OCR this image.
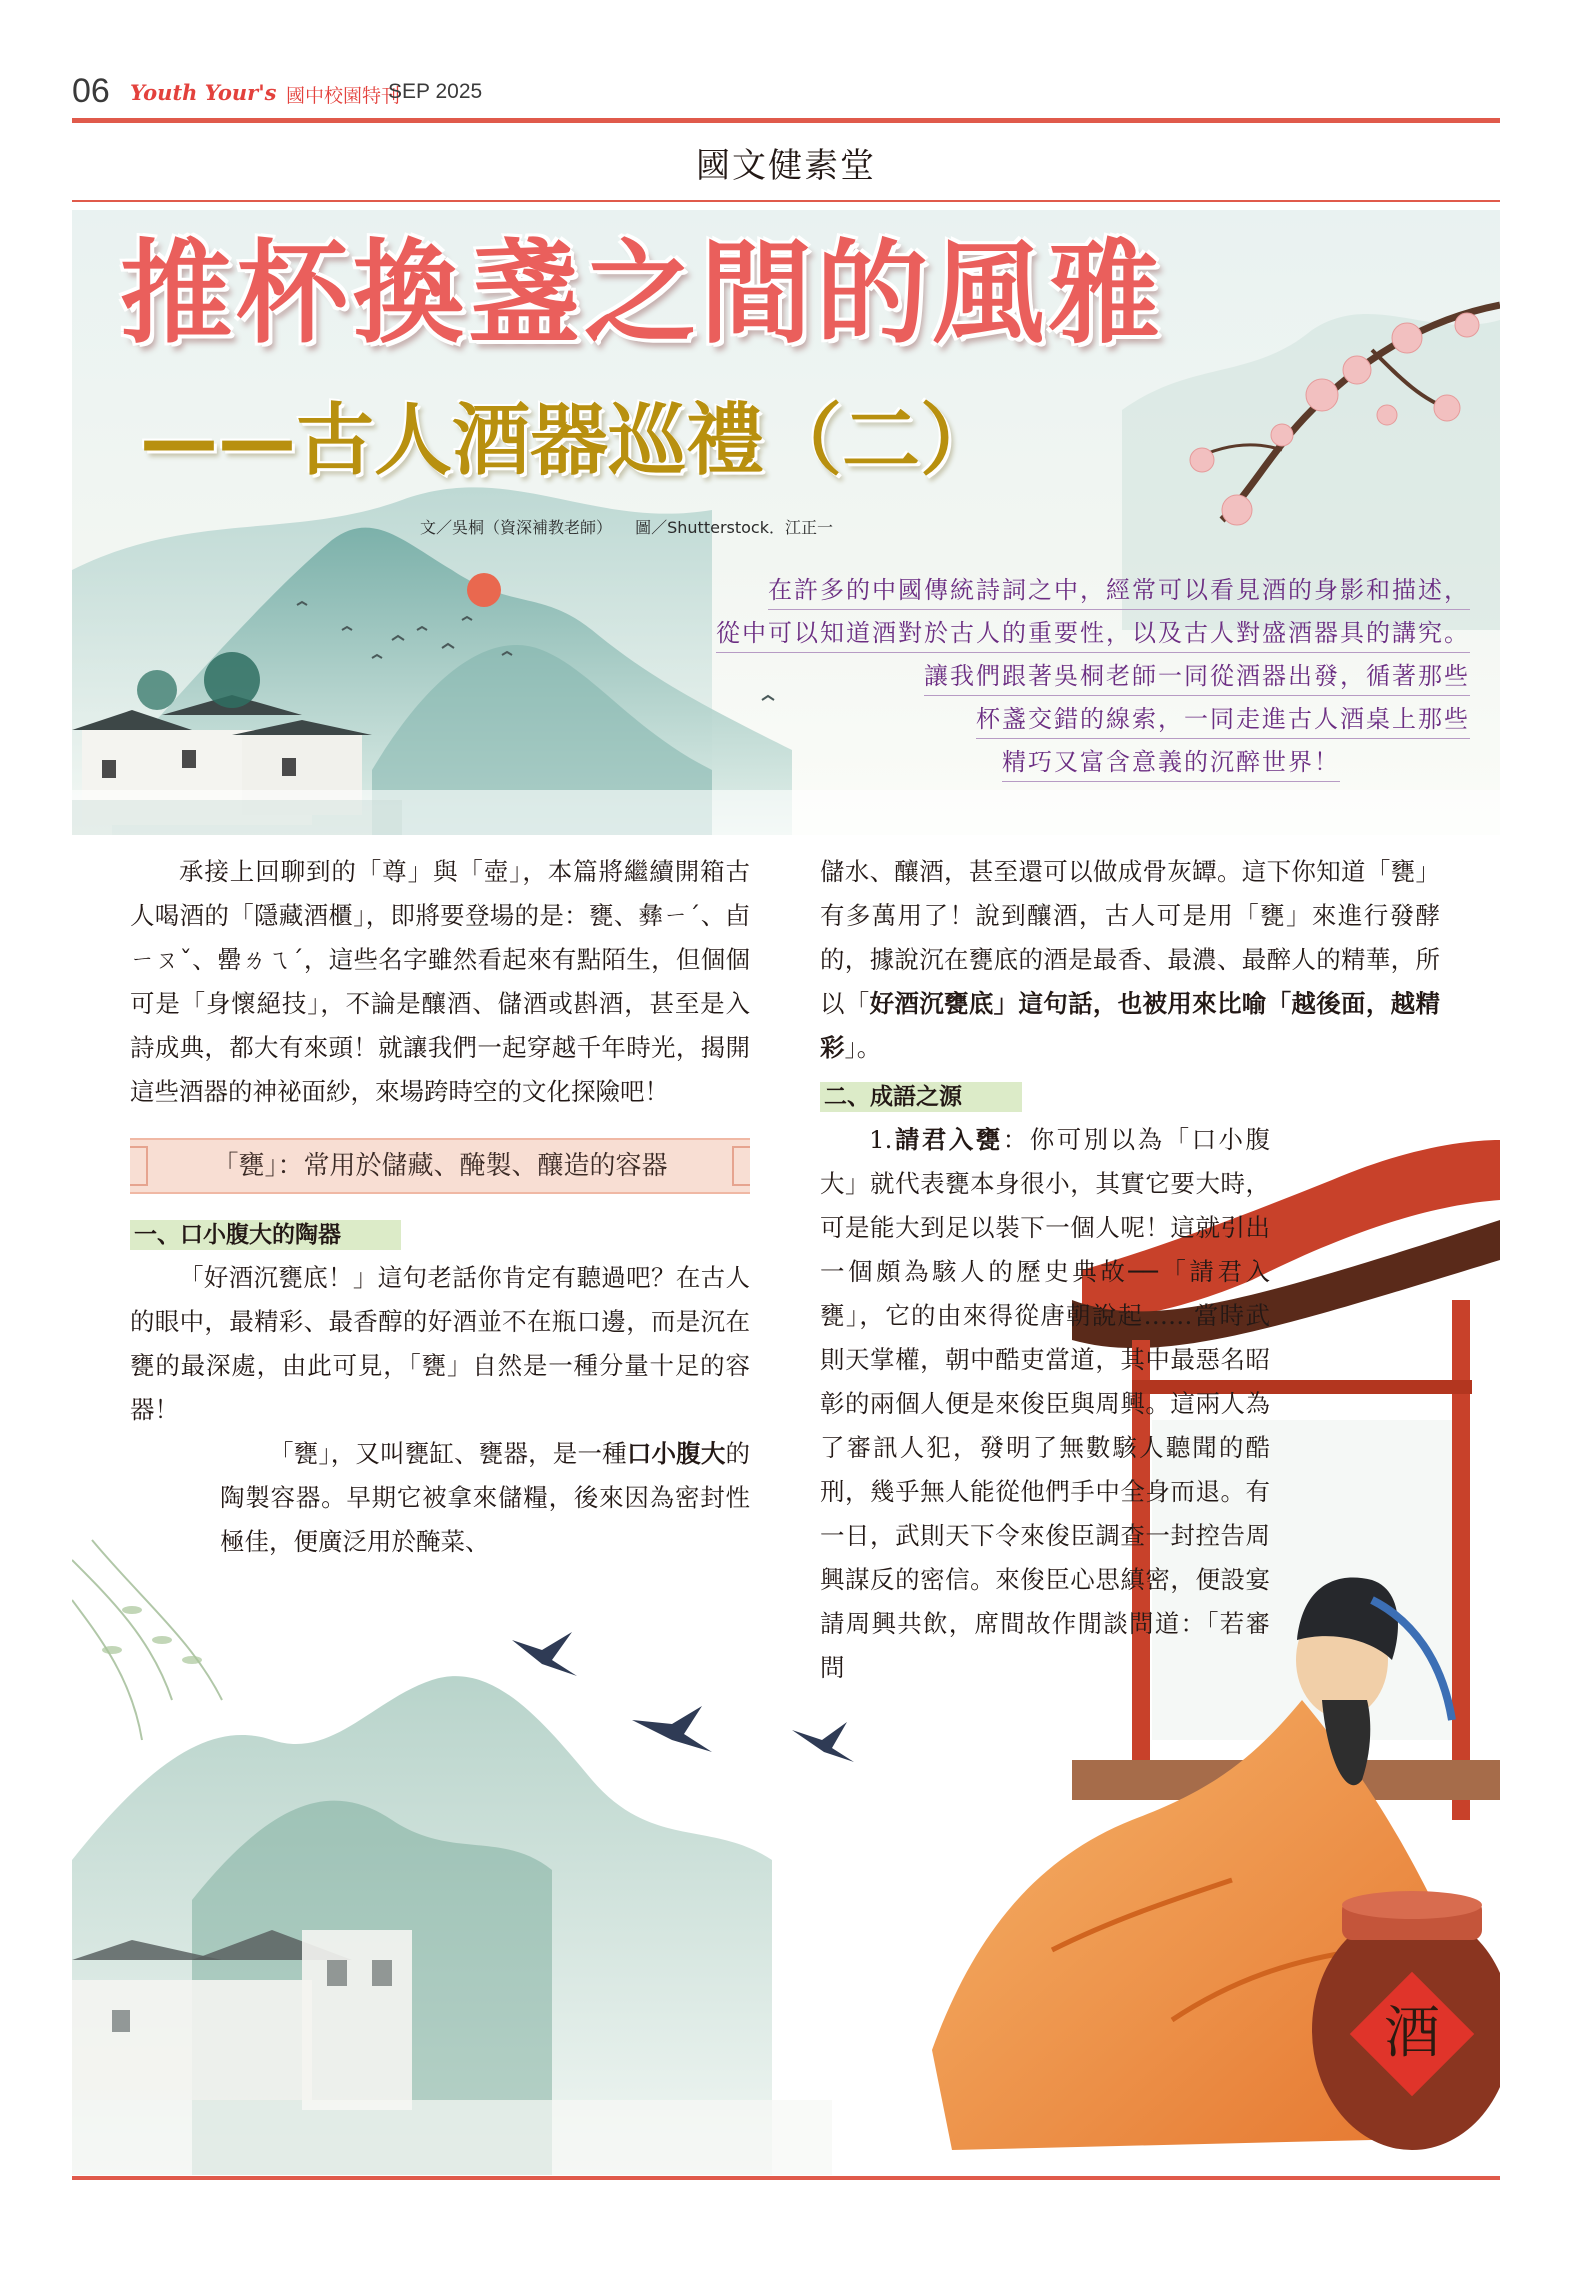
06 Youth Your's 國中校園特刊
SEP 2025
國文健素堂
推杯換盞之間的風雅
——古人酒器巡禮（二）
文／吳桐（資深補教老師） 圖／Shutterstock．江正一
在許多的中國傳統詩詞之中，經常可以看見酒的身影和描述，
從中可以知道酒對於古人的重要性，以及古人對盛酒器具的講究。
讓我們跟著吳桐老師一同從酒器出發，循著那些
杯盞交錯的線索，一同走進古人酒桌上那些
精巧又富含意義的沉醉世界！
酒

承接上回聊到的「尊」與「壺」，本篇將繼續開箱古人喝酒的「隱藏酒櫃」，即將要登場的是：甕、彝ㄧˊ、卣ㄧㄡˇ、罍ㄌㄟˊ，這些名字雖然看起來有點陌生，但個個可是「身懷絕技」，不論是釀酒、儲酒或斟酒，甚至是入詩成典，都大有來頭！就讓我們一起穿越千年時光，揭開這些酒器的神祕面紗，來場跨時空的文化探險吧！

「甕」：常用於儲藏、醃製、釀造的容器
一、口小腹大的陶器

「好酒沉甕底！」這句老話你肯定有聽過吧？在古人的眼中，最精彩、最香醇的好酒並不在瓶口邊，而是沉在甕的最深處，由此可見，「甕」自然是一種分量十足的容器！

「甕」，又叫甕缸、甕器，是一種口小腹大的陶製容器。早期它被拿來儲糧，後來因為密封性極佳，便廣泛用於醃菜、

儲水、釀酒，甚至還可以做成骨灰罈。這下你知道「甕」有多萬用了！說到釀酒，古人可是用「甕」來進行發酵的，據說沉在甕底的酒是最香、最濃、最醉人的精華，所以「好酒沉甕底」這句話，也被用來比喻「越後面，越精彩」。

二、成語之源

1.請君入甕：你可別以為「口小腹大」就代表甕本身很小，其實它要大時，可是能大到足以裝下一個人呢！這就引出一個頗為駭人的歷史典故──「請君入甕」，它的由來得從唐朝說起……當時武則天掌權，朝中酷吏當道，其中最惡名昭彰的兩個人便是來俊臣與周興。這兩人為了審訊人犯，發明了無數駭人聽聞的酷刑，幾乎無人能從他們手中全身而退。有一日，武則天下令來俊臣調查一封控告周興謀反的密信。來俊臣心思縝密，便設宴請周興共飲，席間故作閒談問道：「若審問
